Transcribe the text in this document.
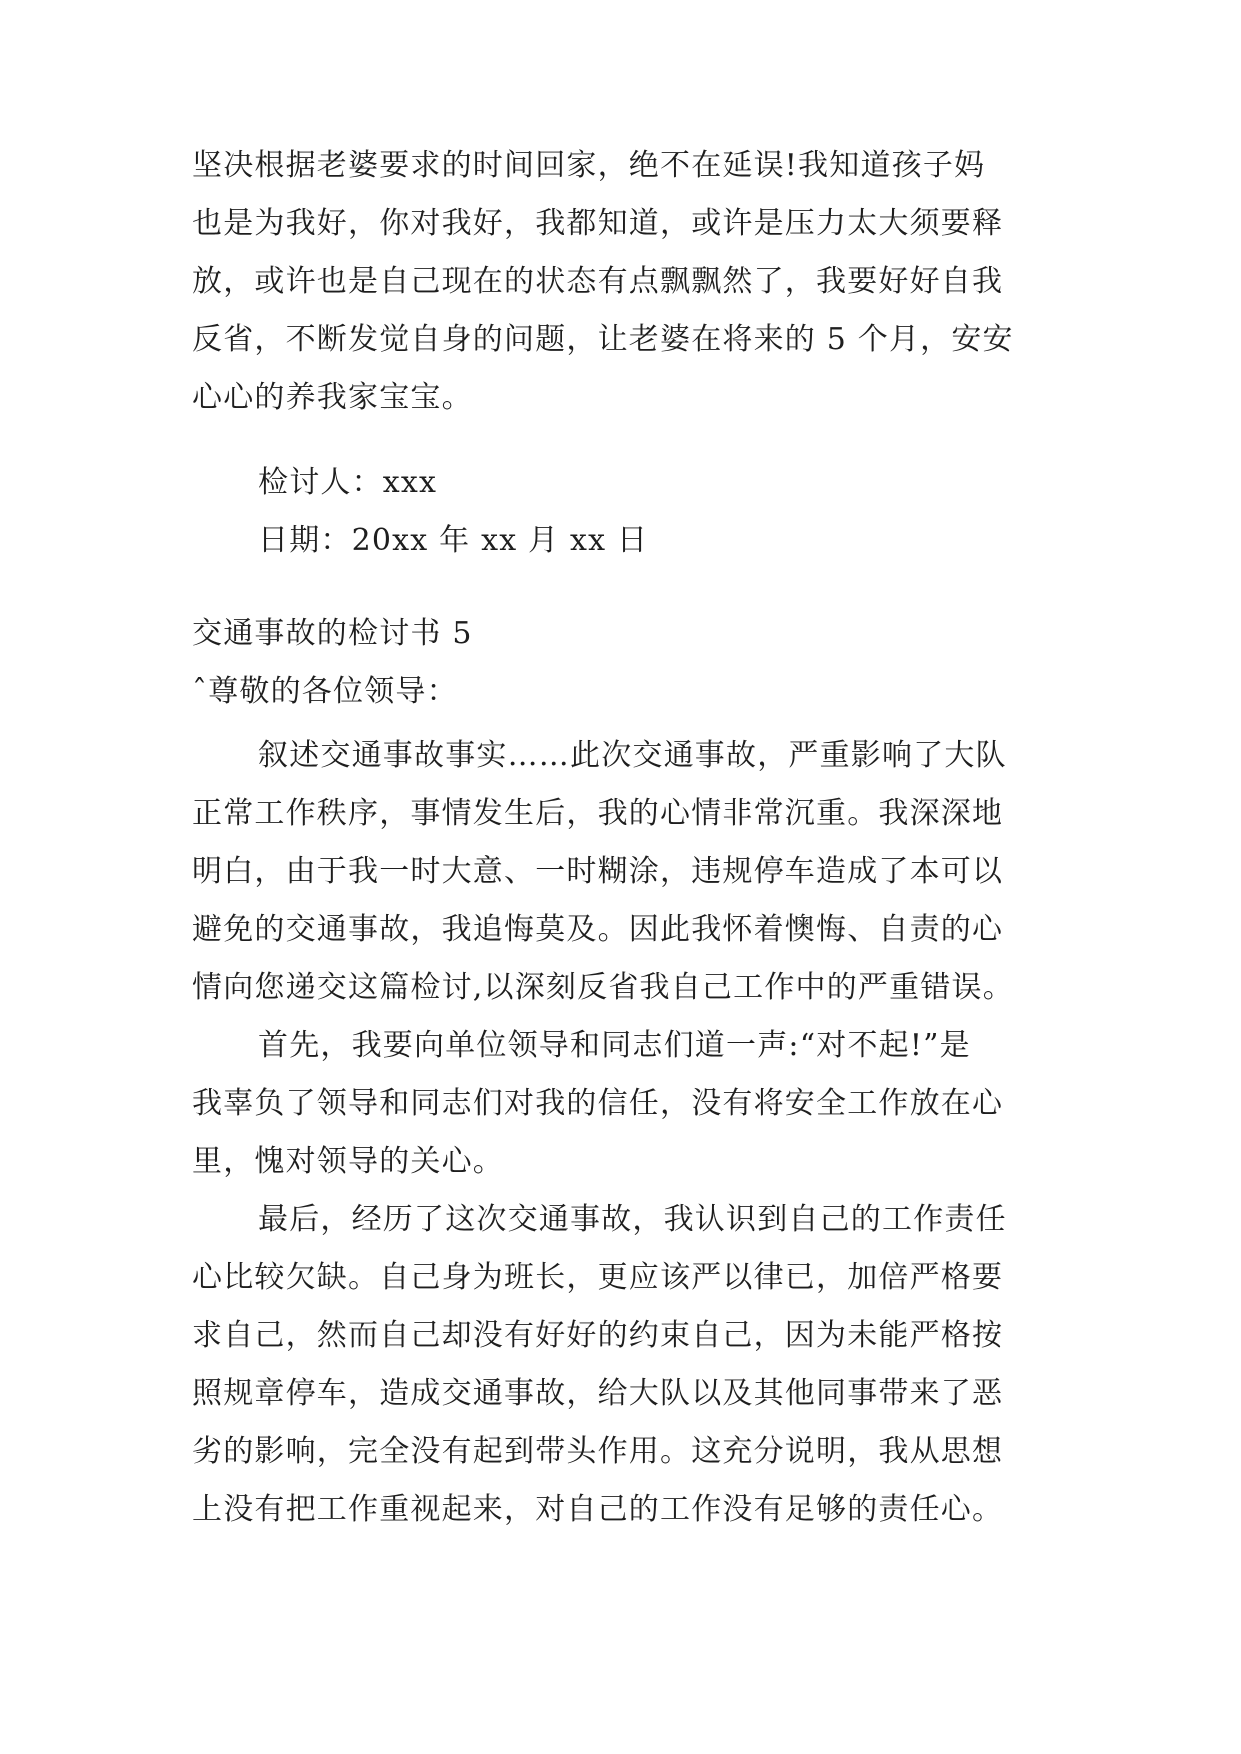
坚决根据老婆要求的时间回家，绝不在延误!我知道孩子妈
也是为我好，你对我好，我都知道，或许是压力太大须要释
放，或许也是自己现在的状态有点飘飘然了，我要好好自我
反省，不断发觉自身的问题，让老婆在将来的 5 个月，安安
心心的养我家宝宝。
检讨人：xxx
日期：20xx 年 xx 月 xx 日
交通事故的检讨书 5
ˆ尊敬的各位领导：
叙述交通事故事实……此次交通事故，严重影响了大队
正常工作秩序，事情发生后，我的心情非常沉重。我深深地
明白，由于我一时大意、一时糊涂，违规停车造成了本可以
避免的交通事故，我追悔莫及。因此我怀着懊悔、自责的心
情向您递交这篇检讨,以深刻反省我自己工作中的严重错误。
首先，我要向单位领导和同志们道一声:“对不起!”是
我辜负了领导和同志们对我的信任，没有将安全工作放在心
里，愧对领导的关心。
最后，经历了这次交通事故，我认识到自己的工作责任
心比较欠缺。自己身为班长，更应该严以律已，加倍严格要
求自己，然而自己却没有好好的约束自己，因为未能严格按
照规章停车，造成交通事故，给大队以及其他同事带来了恶
劣的影响，完全没有起到带头作用。这充分说明，我从思想
上没有把工作重视起来，对自己的工作没有足够的责任心。
